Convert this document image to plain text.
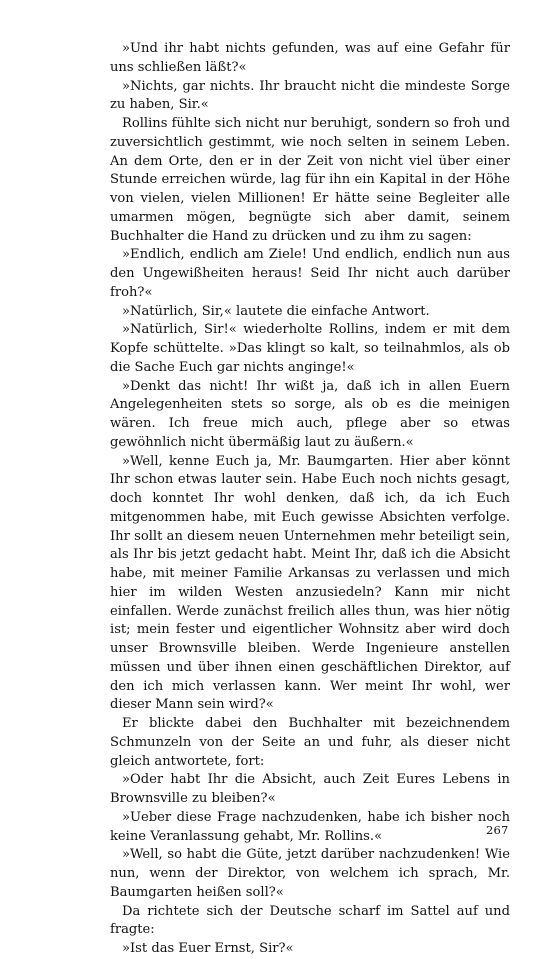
»Und ihr habt nichts gefunden, was auf eine Gefahr für uns schließen läßt?«

»Nichts, gar nichts. Ihr braucht nicht die mindeste Sorge zu haben, Sir.«

Rollins fühlte sich nicht nur beruhigt, sondern so froh und zuversichtlich gestimmt, wie noch selten in seinem Leben. An dem Orte, den er in der Zeit von nicht viel über einer Stunde erreichen würde, lag für ihn ein Kapital in der Höhe von vielen, vielen Millionen! Er hätte seine Begleiter alle umarmen mögen, begnügte sich aber damit, seinem Buchhalter die Hand zu drücken und zu ihm zu sagen:

»Endlich, endlich am Ziele! Und endlich, endlich nun aus den Ungewißheiten heraus! Seid Ihr nicht auch darüber froh?«

»Natürlich, Sir,« lautete die einfache Antwort.

»Natürlich, Sir!« wiederholte Rollins, indem er mit dem Kopfe schüttelte. »Das klingt so kalt, so teilnahmlos, als ob die Sache Euch gar nichts anginge!«

»Denkt das nicht! Ihr wißt ja, daß ich in allen Euern Angelegenheiten stets so sorge, als ob es die meinigen wären. Ich freue mich auch, pflege aber so etwas gewöhnlich nicht übermäßig laut zu äußern.«

»Well, kenne Euch ja, Mr. Baumgarten. Hier aber könnt Ihr schon etwas lauter sein. Habe Euch noch nichts gesagt, doch konntet Ihr wohl denken, daß ich, da ich Euch mitgenommen habe, mit Euch gewisse Absichten verfolge. Ihr sollt an diesem neuen Unternehmen mehr beteiligt sein, als Ihr bis jetzt gedacht habt. Meint Ihr, daß ich die Absicht habe, mit meiner Familie Arkansas zu verlassen und mich hier im wilden Westen anzusiedeln? Kann mir nicht einfallen. Werde zunächst freilich alles thun, was hier nötig ist; mein fester und eigentlicher Wohnsitz aber wird doch unser Brownsville bleiben. Werde Ingenieure anstellen müssen und über ihnen einen geschäftlichen Direktor, auf den ich mich verlassen kann. Wer meint Ihr wohl, wer dieser Mann sein wird?«

Er blickte dabei den Buchhalter mit bezeichnendem Schmunzeln von der Seite an und fuhr, als dieser nicht gleich antwortete, fort:

»Oder habt Ihr die Absicht, auch Zeit Eures Lebens in Brownsville zu bleiben?«

»Ueber diese Frage nachzudenken, habe ich bisher noch keine Veranlassung gehabt, Mr. Rollins.«

»Well, so habt die Güte, jetzt darüber nachzudenken! Wie nun, wenn der Direktor, von welchem ich sprach, Mr. Baumgarten heißen soll?«

Da richtete sich der Deutsche scharf im Sattel auf und fragte:

»Ist das Euer Ernst, Sir?«

267
